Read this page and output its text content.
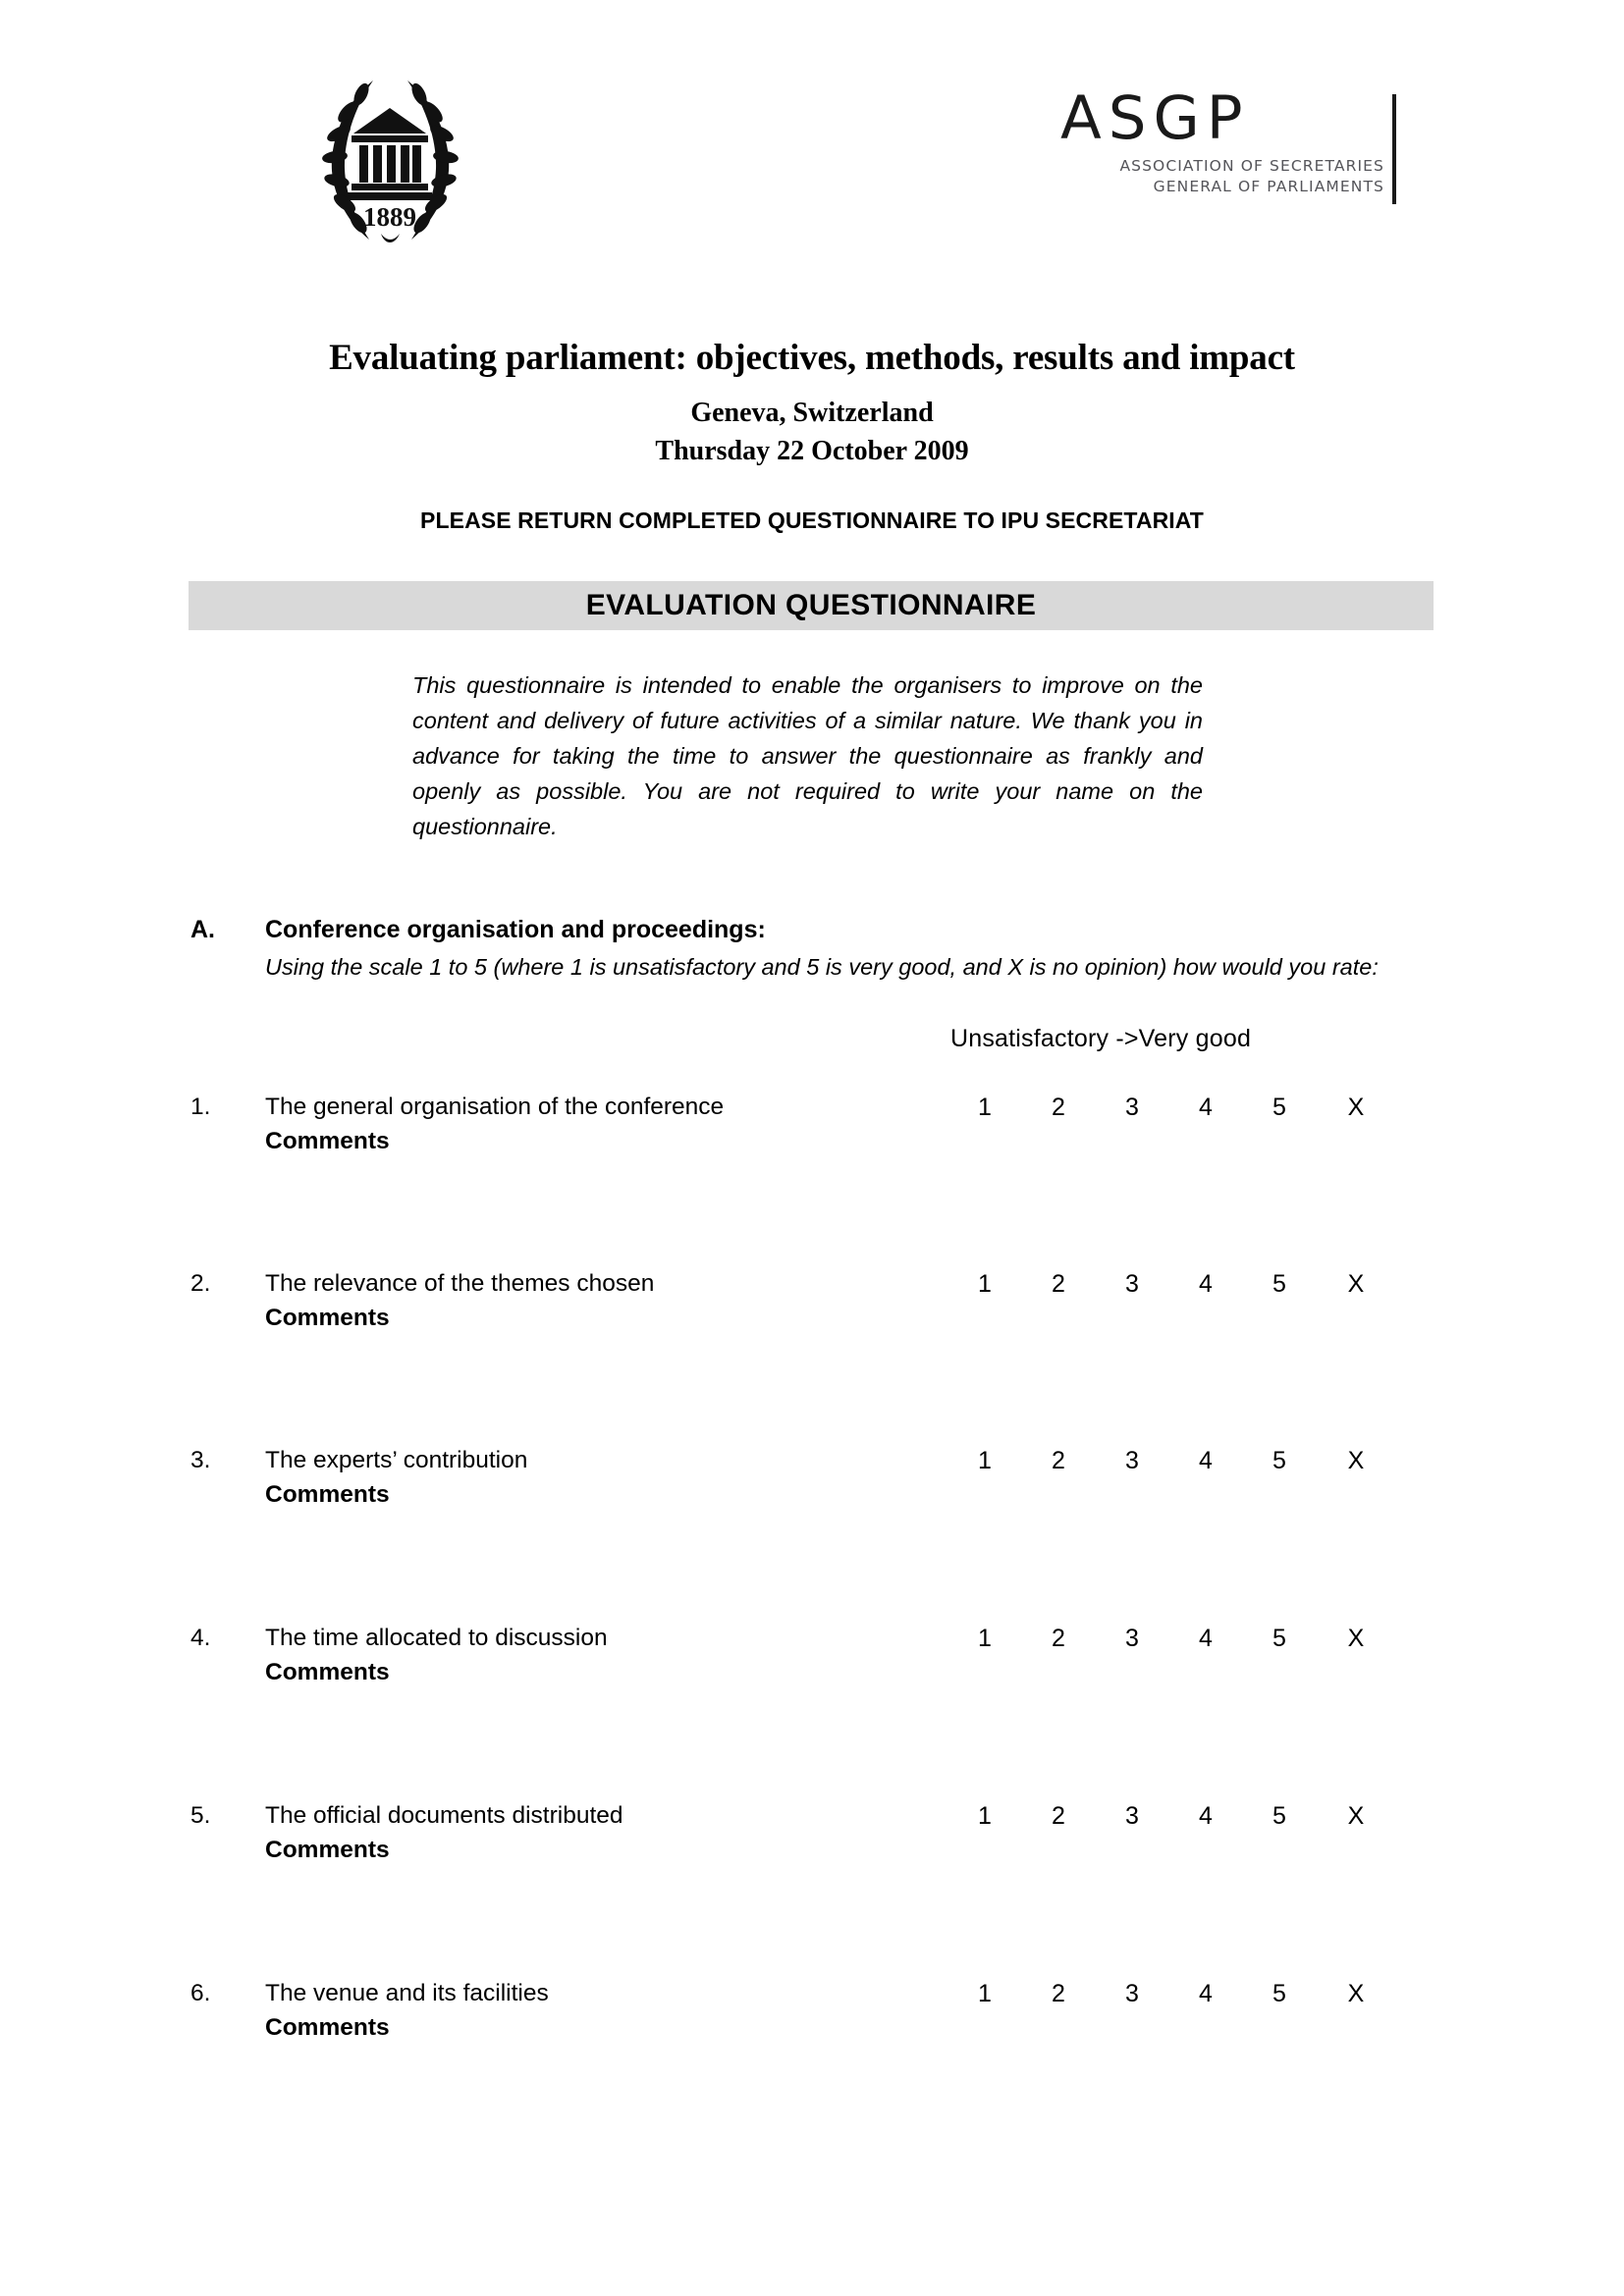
1889
ASGP
ASSOCIATION OF SECRETARIES
GENERAL OF PARLIAMENTS
Evaluating parliament: objectives, methods, results and impact
Geneva, Switzerland
Thursday 22 October 2009
PLEASE RETURN COMPLETED QUESTIONNAIRE TO IPU SECRETARIAT
EVALUATION QUESTIONNAIRE
This questionnaire is intended to enable the organisers to improve on the content and delivery of future activities of a similar nature. We thank you in advance for taking the time to answer the questionnaire as frankly and openly as possible. You are not required to write your name on the questionnaire.
A. Conference organisation and proceedings:
Using the scale 1 to 5 (where 1 is unsatisfactory and 5 is very good, and X is no opinion) how would you rate:
Unsatisfactory ->Very good
1. The general organisation of the conference
Comments
1 2 3 4 5	X
2. The relevance of the themes chosen
Comments
1 2 3 4 5	X
3. The experts’ contribution
Comments
1 2 3 4 5	X
4. The time allocated to discussion
Comments
1 2 3 4 5	X
5. The official documents distributed
Comments
1 2 3 4 5	X
6. The venue and its facilities
Comments
1 2 3 4 5	X
